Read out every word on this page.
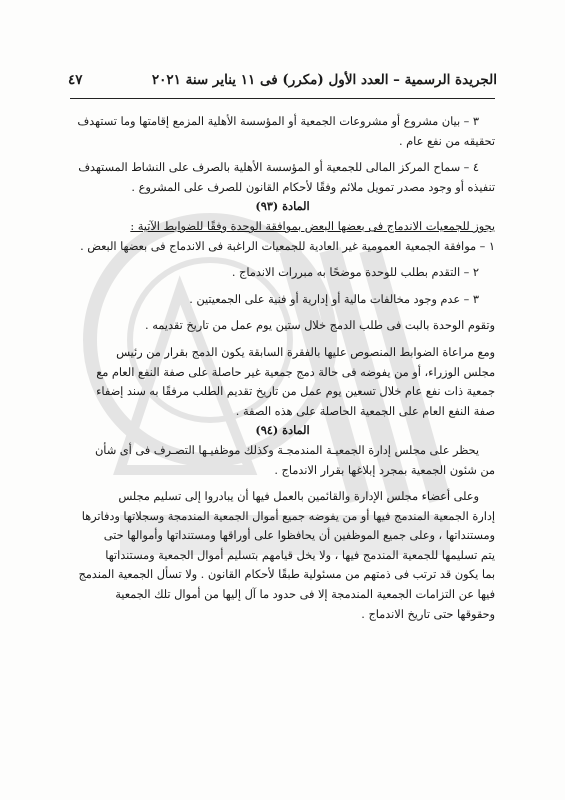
الجريدة الرسمية – العدد الأول (مكرر) فى ١١ يناير سنة ٢٠٢١
٤٧
٣ – بيان مشروع أو مشروعات الجمعية أو المؤسسة الأهلية المزمع إقامتها وما تستهدف
تحقيقه من نفع عام .
٤ – سماح المركز المالى للجمعية أو المؤسسة الأهلية بالصرف على النشاط المستهدف
تنفيذه أو وجود مصدر تمويل ملائم وفقًا لأحكام القانون للصرف على المشروع .
المادة (٩٣)
يجوز للجمعيات الاندماج فى بعضها البعض بموافقة الوحدة وفقًا للضوابط الآتية :
١ – موافقة الجمعية العمومية غير العادية للجمعيات الراغبة فى الاندماج فى بعضها البعض .
٢ – التقدم بطلب للوحدة موضحًا به مبررات الاندماج .
٣ – عدم وجود مخالفات مالية أو إدارية أو فنية على الجمعيتين .
وتقوم الوحدة بالبت فى طلب الدمج خلال ستين يوم عمل من تاريخ تقديمه .
ومع مراعاة الضوابط المنصوص عليها بالفقرة السابقة يكون الدمج بقرار من رئيس
مجلس الوزراء، أو من يفوضه فى حالة دمج جمعية غير حاصلة على صفة النفع العام مع
جمعية ذات نفع عام خلال تسعين يوم عمل من تاريخ تقديم الطلب مرفقًا به سند إضفاء
صفة النفع العام على الجمعية الحاصلة على هذه الصفة .
المادة (٩٤)
يحظر على مجلس إدارة الجمعيـة المندمجـة وكذلك موظفيـها التصـرف فى أى شأن
من شئون الجمعية بمجرد إبلاغها بقرار الاندماج .
وعلى أعضاء مجلس الإدارة والقائمين بالعمل فيها أن يبادروا إلى تسليم مجلس
إدارة الجمعية المندمج فيها أو من يفوضه جميع أموال الجمعية المندمجة وسجلاتها ودفاترها
ومستنداتها ، وعلى جميع الموظفين أن يحافظوا على أوراقها ومستنداتها وأموالها حتى
يتم تسليمها للجمعية المندمج فيها ، ولا يخل قيامهم بتسليم أموال الجمعية ومستنداتها
بما يكون قد ترتب فى ذمتهم من مسئولية طبقًا لأحكام القانون . ولا تسأل الجمعية المندمج
فيها عن التزامات الجمعية المندمجة إلا فى حدود ما آل إليها من أموال تلك الجمعية
وحقوقها حتى تاريخ الاندماج .
